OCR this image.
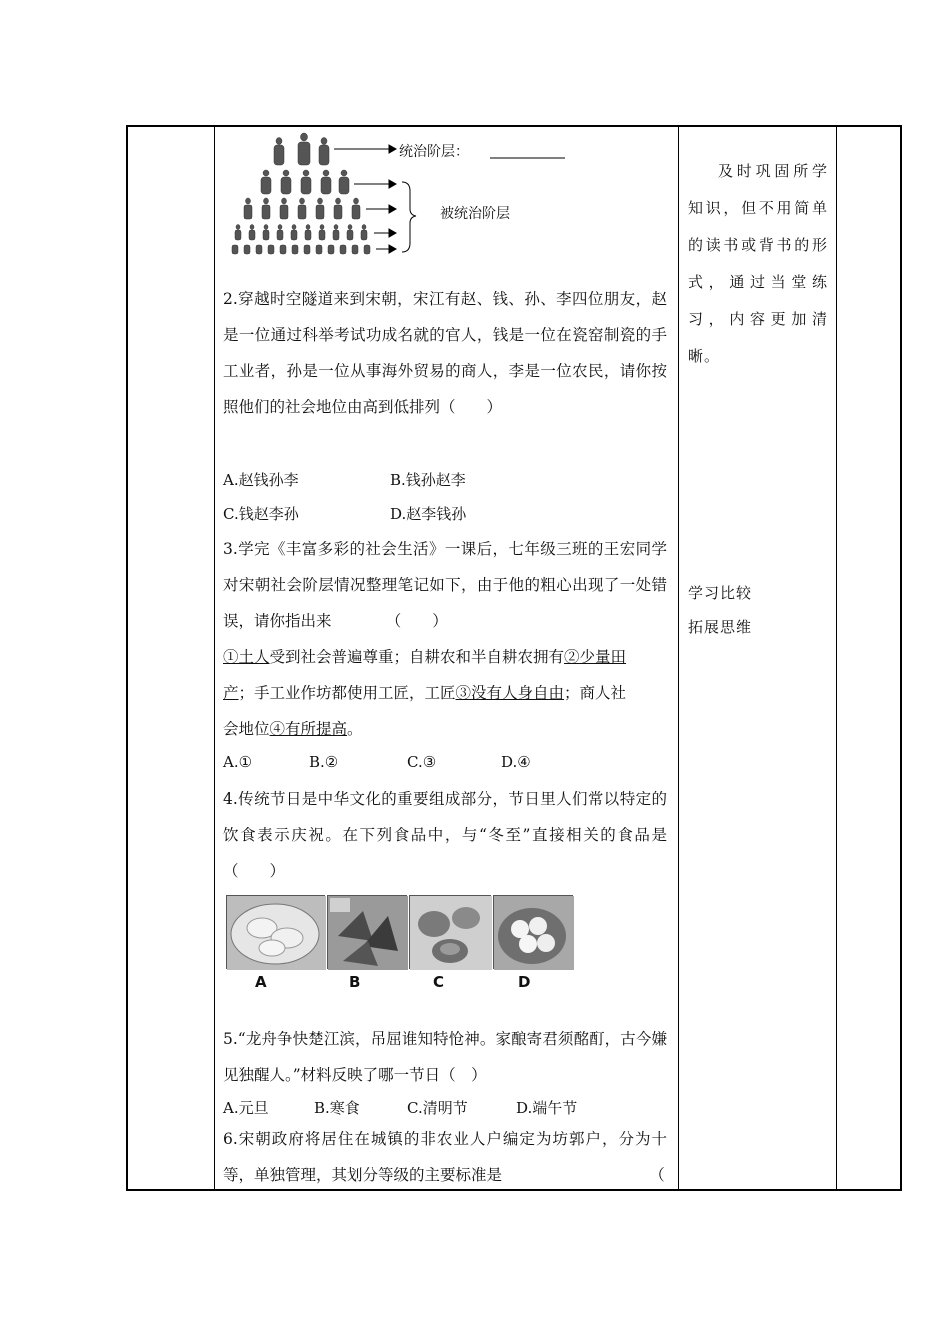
统治阶层：
被统治阶层
2.穿越时空隧道来到宋朝，宋江有赵、钱、孙、李四位朋友，赵是一位通过科举考试功成名就的官人，钱是一位在瓷窑制瓷的手工业者，孙是一位从事海外贸易的商人，李是一位农民，请你按照他们的社会地位由高到低排列（　　）
A.赵钱孙李	B.钱孙赵李
C.钱赵李孙	D.赵李钱孙
3.学完《丰富多彩的社会生活》一课后，七年级三班的王宏同学对宋朝社会阶层情况整理笔记如下，由于他的粗心出现了一处错误，请你指出来　　　　（　　）
①土人受到社会普遍尊重；自耕农和半自耕农拥有②少量田
产；手工业作坊都使用工匠，工匠③没有人身自由；商人社
会地位④有所提高。
A.①	B.②	C.③	D.④
4.传统节日是中华文化的重要组成部分，节日里人们常以特定的饮食表示庆祝。在下列食品中，与“冬至”直接相关的食品是　　　　　　　　　　　（　　）
A	B	C	D
5.“龙舟争快楚江滨，吊屈谁知特怆神。家酿寄君须酩酊，古今嫌见独醒人。”材料反映了哪一节日（　）
A.元旦	B.寒食	C.清明节	D.端午节
6.宋朝政府将居住在城镇的非农业人户编定为坊郭户，分为十等，单独管理，其划分等级的主要标准是　　　　　　　　　　（
及时巩固所学知识，但不用简单的读书或背书的形式，通过当堂练习，内容更加清晰。
学习比较
拓展思维
